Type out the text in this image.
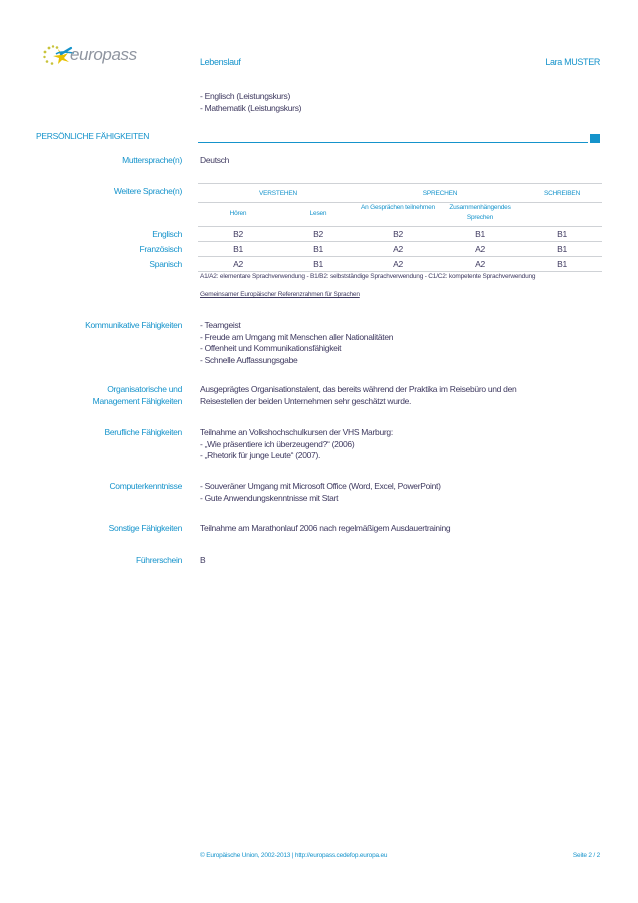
europass	Lebenslauf	Lara MUSTER
- Englisch (Leistungskurs)
- Mathematik (Leistungskurs)
PERSÖNLICHE FÄHIGKEITEN
Muttersprache(n) Deutsch
Weitere Sprache(n)	VERSTEHEN	SPRECHEN	SCHREIBEN
Hören	Lesen
An Gesprächen teilnehmen	Zusammenhängendes Sprechen
Englisch	B2	B2	B2	B1	B1
Französisch	B1	B1	A2	A2	B1
Spanisch	A2	B1	A2	A2	B1
A1/A2: elementare Sprachverwendung - B1/B2: selbstständige Sprachverwendung - C1/C2: kompetente Sprachverwendung
Gemeinsamer Europäischer Referenzrahmen für Sprachen
Kommunikative Fähigkeiten - Teamgeist
- Freude am Umgang mit Menschen aller Nationalitäten
- Offenheit und Kommunikationsfähigkeit
- Schnelle Auffassungsgabe
Organisatorische und
Management Fähigkeiten
Ausgeprägtes Organisationstalent, das bereits während der Praktika im Reisebüro und den
Reisestellen der beiden Unternehmen sehr geschätzt wurde.
Berufliche Fähigkeiten Teilnahme an Volkshochschulkursen der VHS Marburg:
- „Wie präsentiere ich überzeugend?“ (2006)
- „Rhetorik für junge Leute“ (2007).
Computerkenntnisse - Souveräner Umgang mit Microsoft Office (Word, Excel, PowerPoint)
- Gute Anwendungskenntnisse mit Start
Sonstige Fähigkeiten Teilnahme am Marathonlauf 2006 nach regelmäßigem Ausdauertraining
Führerschein B
© Europäische Union, 2002-2013 | http://europass.cedefop.europa.eu	Seite 2 / 2
